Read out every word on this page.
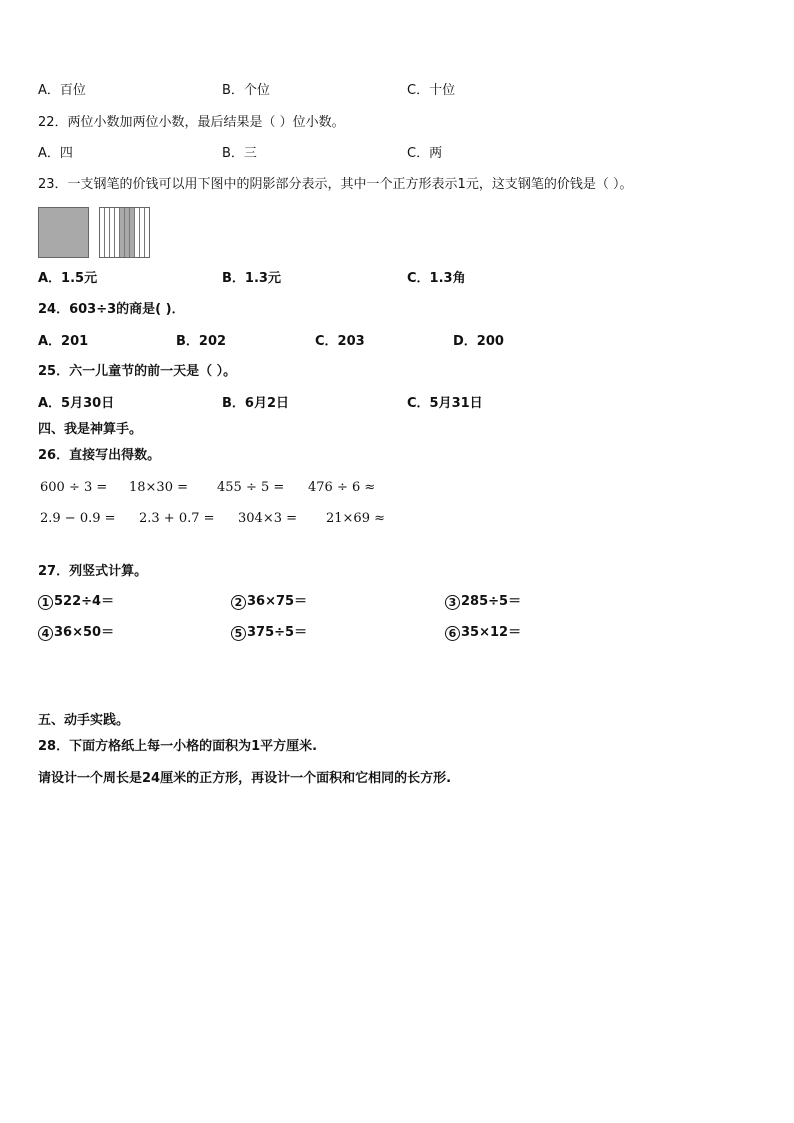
A．百位	B．个位	C．十位
22．两位小数加两位小数，最后结果是（ ）位小数。
A．四	B．三	C．两
23．一支钢笔的价钱可以用下图中的阴影部分表示，其中一个正方形表示1元，这支钢笔的价钱是（ ）。
A．1.5元	B．1.3元	C．1.3角
24．603÷3的商是( )．
A．201	B．202	C．203	D．200
25．六一儿童节的前一天是（ ）。
A．5月30日	B．6月2日	C．5月31日
四、我是神算手。
26．直接写出得数。
600 ÷ 3 = 18×30 = 455 ÷ 5 = 476 ÷ 6 ≈
2.9 − 0.9 = 2.3 + 0.7 = 304×3 = 21×69 ≈
27．列竖式计算。
1 522÷4＝	2 36×75＝	3 285÷5＝
4 36×50＝	5 375÷5＝	6 35×12＝
五、动手实践。
28．下面方格纸上每一小格的面积为1平方厘米.
请设计一个周长是24厘米的正方形，再设计一个面积和它相同的长方形.
